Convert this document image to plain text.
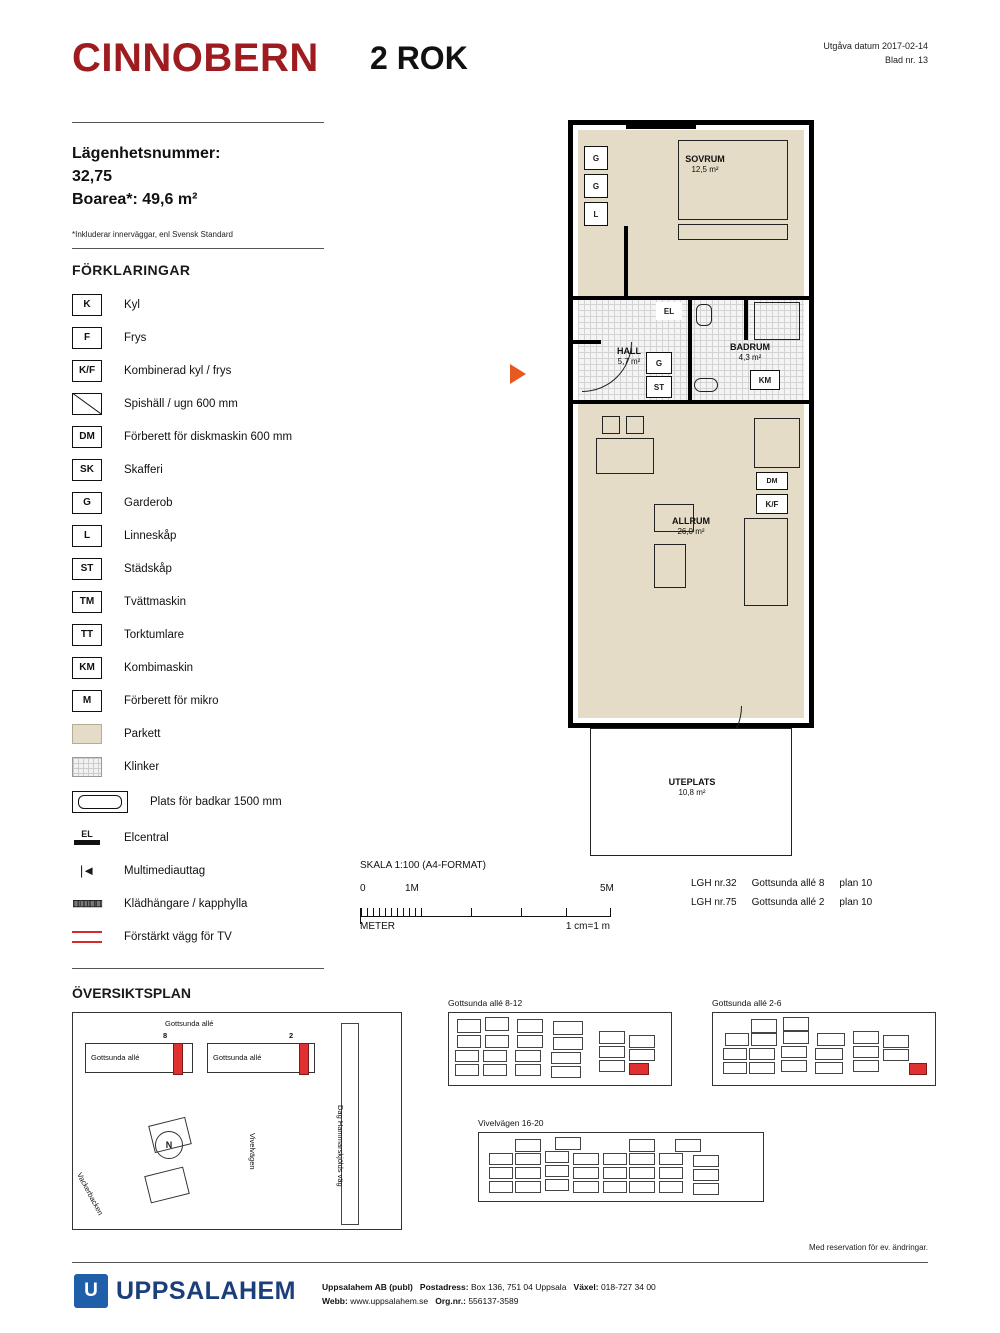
CINNOBERN 2 ROK	Utgåva datum 2017-02-14
Blad nr. 13
Lägenhetsnummer:
32,75
Boarea*: 49,6 m²
*Inkluderar innerväggar, enl Svensk Standard
FÖRKLARINGAR
K	Kyl
F	Frys
K/F	Kombinerad kyl / frys
Spishäll / ugn 600 mm
DM	Förberett för diskmaskin 600 mm
SK	Skafferi
G	Garderob
L	Linneskåp
ST	Städskåp
TM	Tvättmaskin
TT	Torktumlare
KM	Kombimaskin
M	Förberett för mikro
Parkett
Klinker
Plats för badkar 1500 mm
EL	Elcentral
|◄	Multimediauttag
▥▥▥▥ Klädhängare / kapphylla
Förstärkt vägg för TV
G
G
L
EL
G
ST
KM
DM
K/F
SOVRUM
12,5 m²
BADRUM
4,3 m²
HALL
5,7 m²
ALLRUM
26,0 m²
UTEPLATS
10,8 m²
SKALA 1:100 (A4-FORMAT)
0	1M	5M
METER	1 cm=1 m
LGH nr.32	Gottsunda allé 8	plan 10
LGH nr.75	Gottsunda allé 2	plan 10
ÖVERSIKTSPLAN
Gottsunda allé
Gottsunda allé	Gottsunda allé
8	2
Dag Hammarskjölds väg
Vivelvägen
Vackerbacken
N
Gottsunda allé 8-12	Gottsunda allé 2-6
Vivelvägen 16-20
Med reservation för ev. ändringar.
U UPPSALAHEM	Uppsalahem AB (publ) Postadress: Box 136, 751 04 Uppsala Växel: 018-727 34 00
Webb: www.uppsalahem.se Org.nr.: 556137-3589
